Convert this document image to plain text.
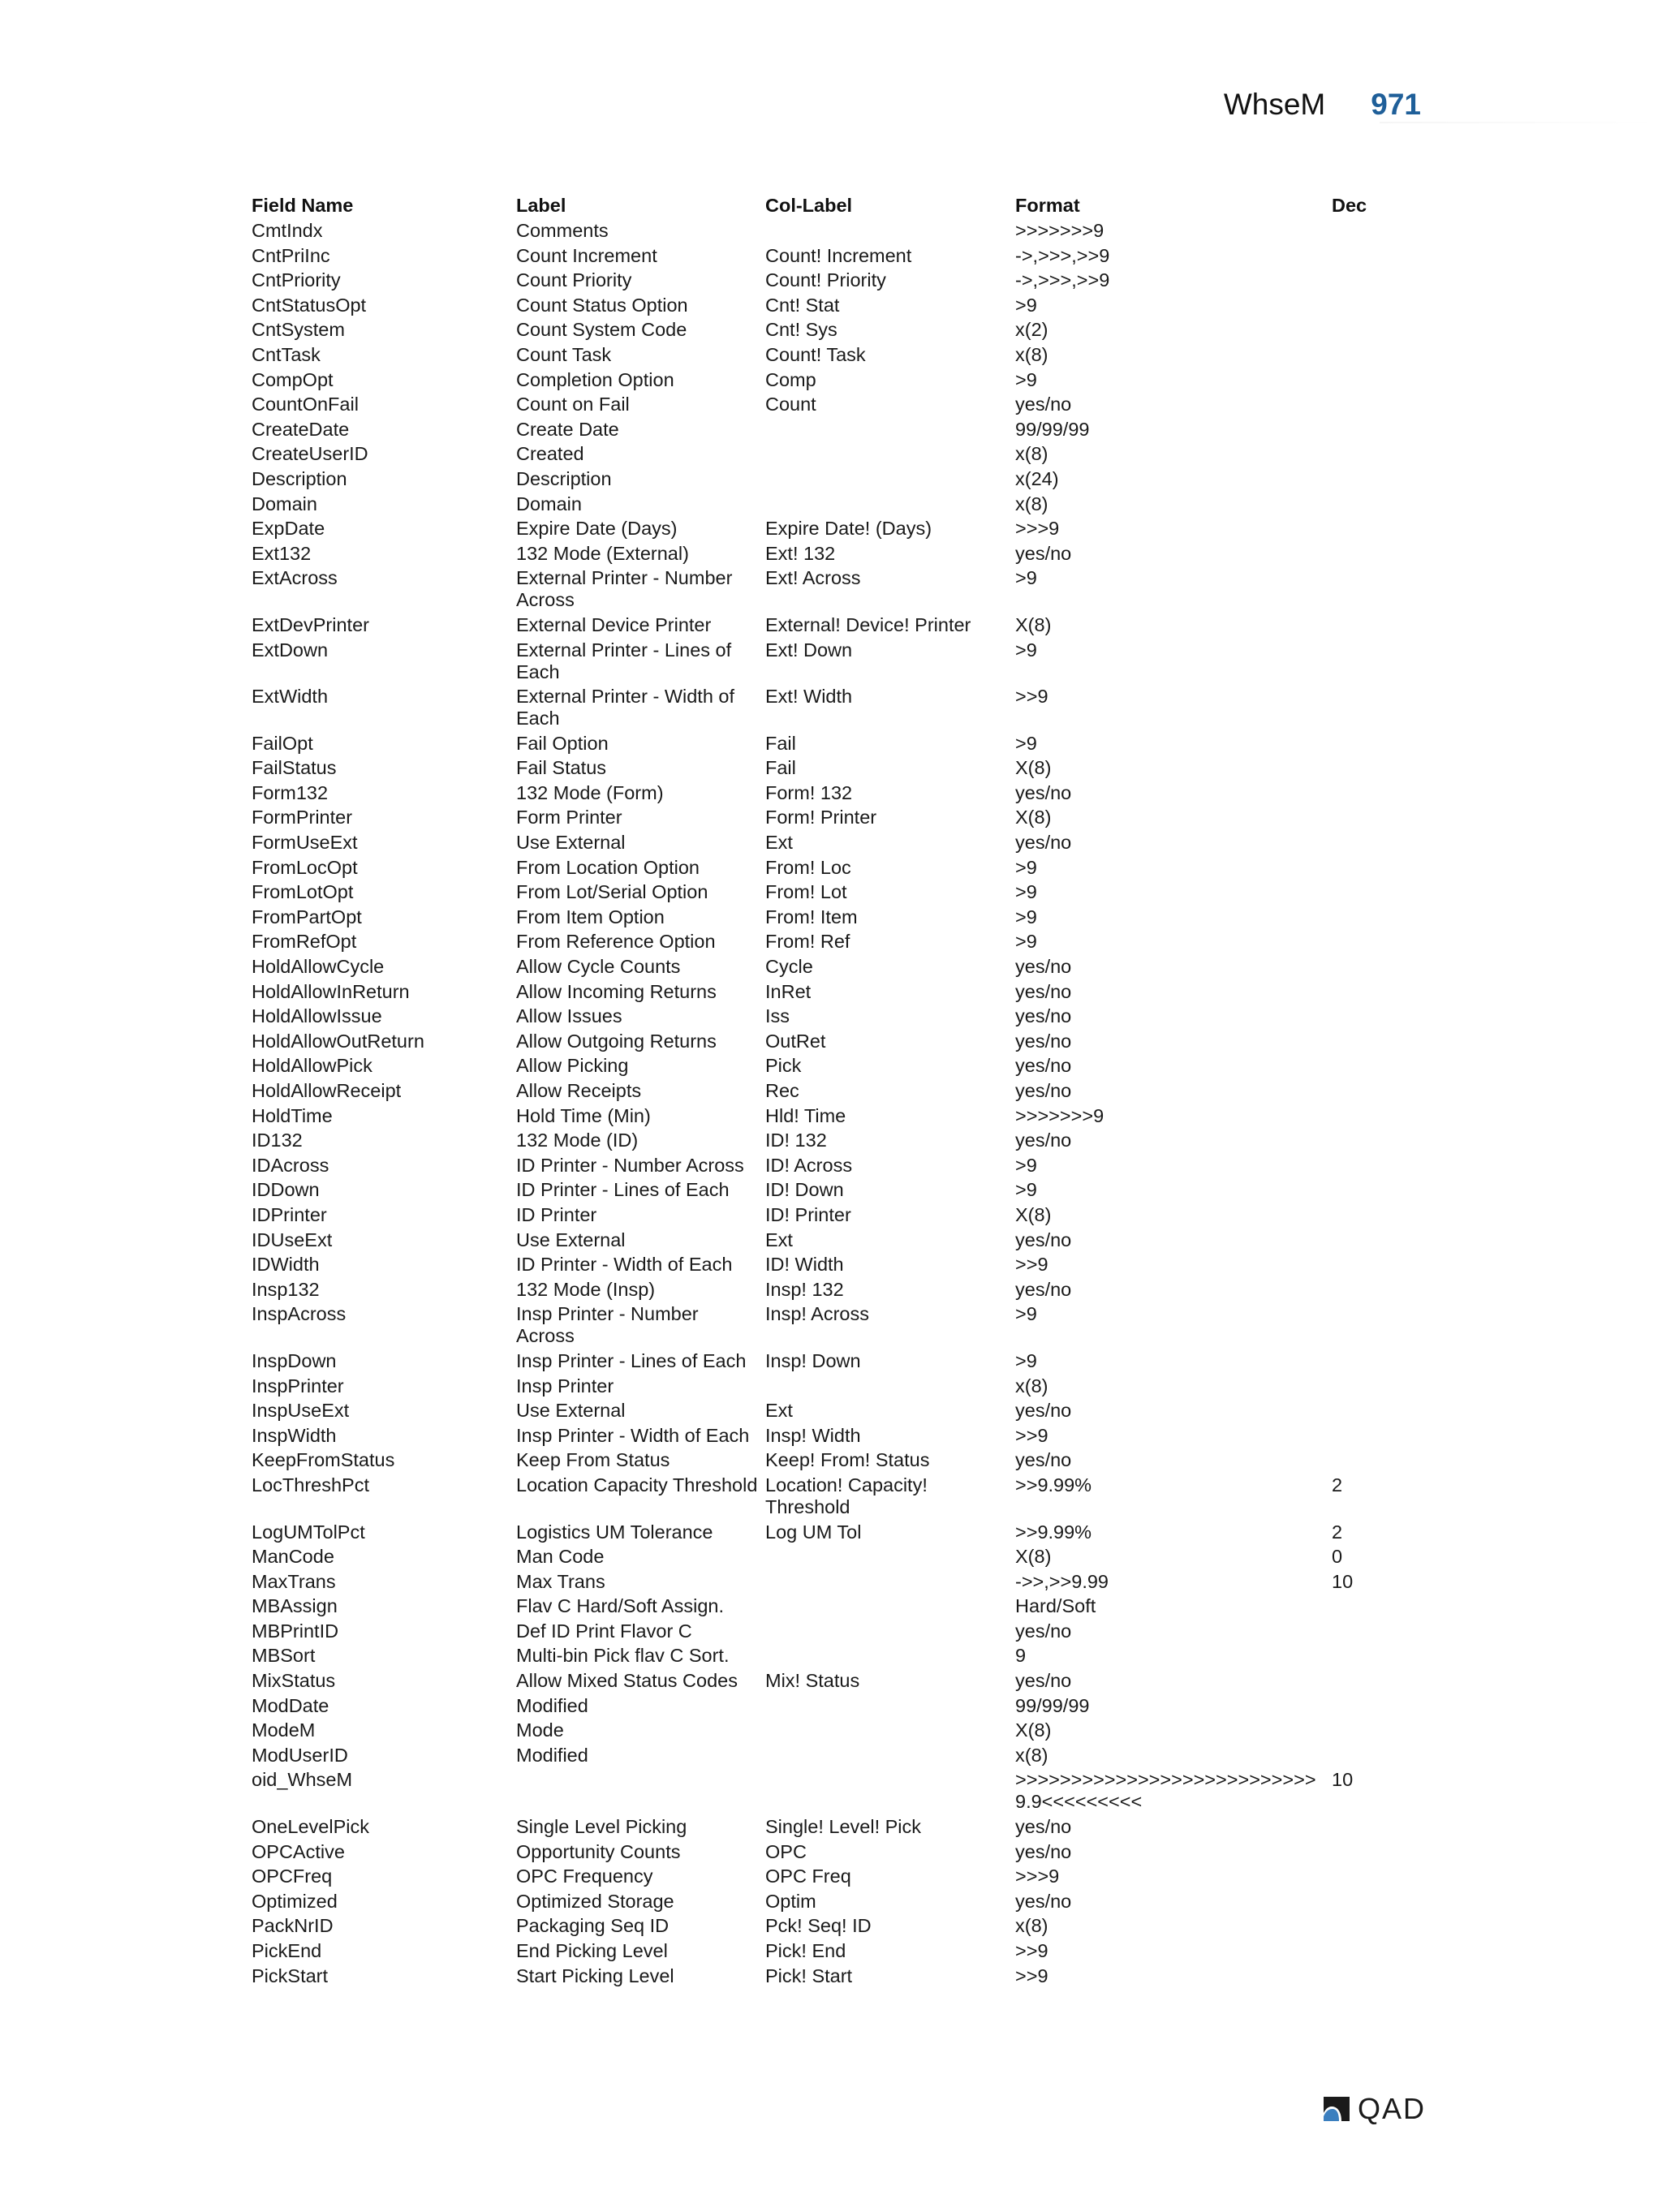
WhseM 971
Field Name	Label	Col-Label	Format	Dec
CmtIndx	Comments		>>>>>>>9	
CntPriInc	Count Increment	Count! Increment	->,>>>,>>9	
CntPriority	Count Priority	Count! Priority	->,>>>,>>9	
CntStatusOpt	Count Status Option	Cnt! Stat	>9	
CntSystem	Count System Code	Cnt! Sys	x(2)	
CntTask	Count Task	Count! Task	x(8)	
CompOpt	Completion Option	Comp	>9	
CountOnFail	Count on Fail	Count	yes/no	
CreateDate	Create Date		99/99/99	
CreateUserID	Created		x(8)	
Description	Description		x(24)	
Domain	Domain		x(8)	
ExpDate	Expire Date (Days)	Expire Date! (Days)	>>>9	
Ext132	132 Mode (External)	Ext! 132	yes/no	
ExtAcross	External Printer - Number Across	Ext! Across	>9	
ExtDevPrinter	External Device Printer	External! Device! Printer	X(8)	
ExtDown	External Printer - Lines of Each	Ext! Down	>9	
ExtWidth	External Printer - Width of Each	Ext! Width	>>9	
FailOpt	Fail Option	Fail	>9	
FailStatus	Fail Status	Fail	X(8)	
Form132	132 Mode (Form)	Form! 132	yes/no	
FormPrinter	Form Printer	Form! Printer	X(8)	
FormUseExt	Use External	Ext	yes/no	
FromLocOpt	From Location Option	From! Loc	>9	
FromLotOpt	From Lot/Serial Option	From! Lot	>9	
FromPartOpt	From Item Option	From! Item	>9	
FromRefOpt	From Reference Option	From! Ref	>9	
HoldAllowCycle	Allow Cycle Counts	Cycle	yes/no	
HoldAllowInReturn	Allow Incoming Returns	InRet	yes/no	
HoldAllowIssue	Allow Issues	Iss	yes/no	
HoldAllowOutReturn	Allow Outgoing Returns	OutRet	yes/no	
HoldAllowPick	Allow Picking	Pick	yes/no	
HoldAllowReceipt	Allow Receipts	Rec	yes/no	
HoldTime	Hold Time (Min)	Hld! Time	>>>>>>>9	
ID132	132 Mode (ID)	ID! 132	yes/no	
IDAcross	ID Printer - Number Across	ID! Across	>9	
IDDown	ID Printer - Lines of Each	ID! Down	>9	
IDPrinter	ID Printer	ID! Printer	X(8)	
IDUseExt	Use External	Ext	yes/no	
IDWidth	ID Printer - Width of Each	ID! Width	>>9	
Insp132	132 Mode (Insp)	Insp! 132	yes/no	
InspAcross	Insp Printer - Number Across	Insp! Across	>9	
InspDown	Insp Printer - Lines of Each	Insp! Down	>9	
InspPrinter	Insp Printer		x(8)	
InspUseExt	Use External	Ext	yes/no	
InspWidth	Insp Printer - Width of Each	Insp! Width	>>9	
KeepFromStatus	Keep From Status	Keep! From! Status	yes/no	
LocThreshPct	Location Capacity Threshold	Location! Capacity! Threshold	>>9.99%	2
LogUMTolPct	Logistics UM Tolerance	Log UM Tol	>>9.99%	2
ManCode	Man Code		X(8)	0
MaxTrans	Max Trans		->>,>>9.99	10
MBAssign	Flav C Hard/Soft Assign.		Hard/Soft	
MBPrintID	Def ID Print Flavor C		yes/no	
MBSort	Multi-bin Pick flav C Sort.		9	
MixStatus	Allow Mixed Status Codes	Mix! Status	yes/no	
ModDate	Modified		99/99/99	
ModeM	Mode		X(8)	
ModUserID	Modified		x(8)	
oid_WhseM			>>>>>>>>>>>>>>>>>>>>>>>>>>>9.9<<<<<<<<<	10
OneLevelPick	Single Level Picking	Single! Level! Pick	yes/no	
OPCActive	Opportunity Counts	OPC	yes/no	
OPCFreq	OPC Frequency	OPC Freq	>>>9	
Optimized	Optimized Storage	Optim	yes/no	
PackNrID	Packaging Seq ID	Pck! Seq! ID	x(8)	
PickEnd	End Picking Level	Pick! End	>>9	
PickStart	Start Picking Level	Pick! Start	>>9	
QAD
